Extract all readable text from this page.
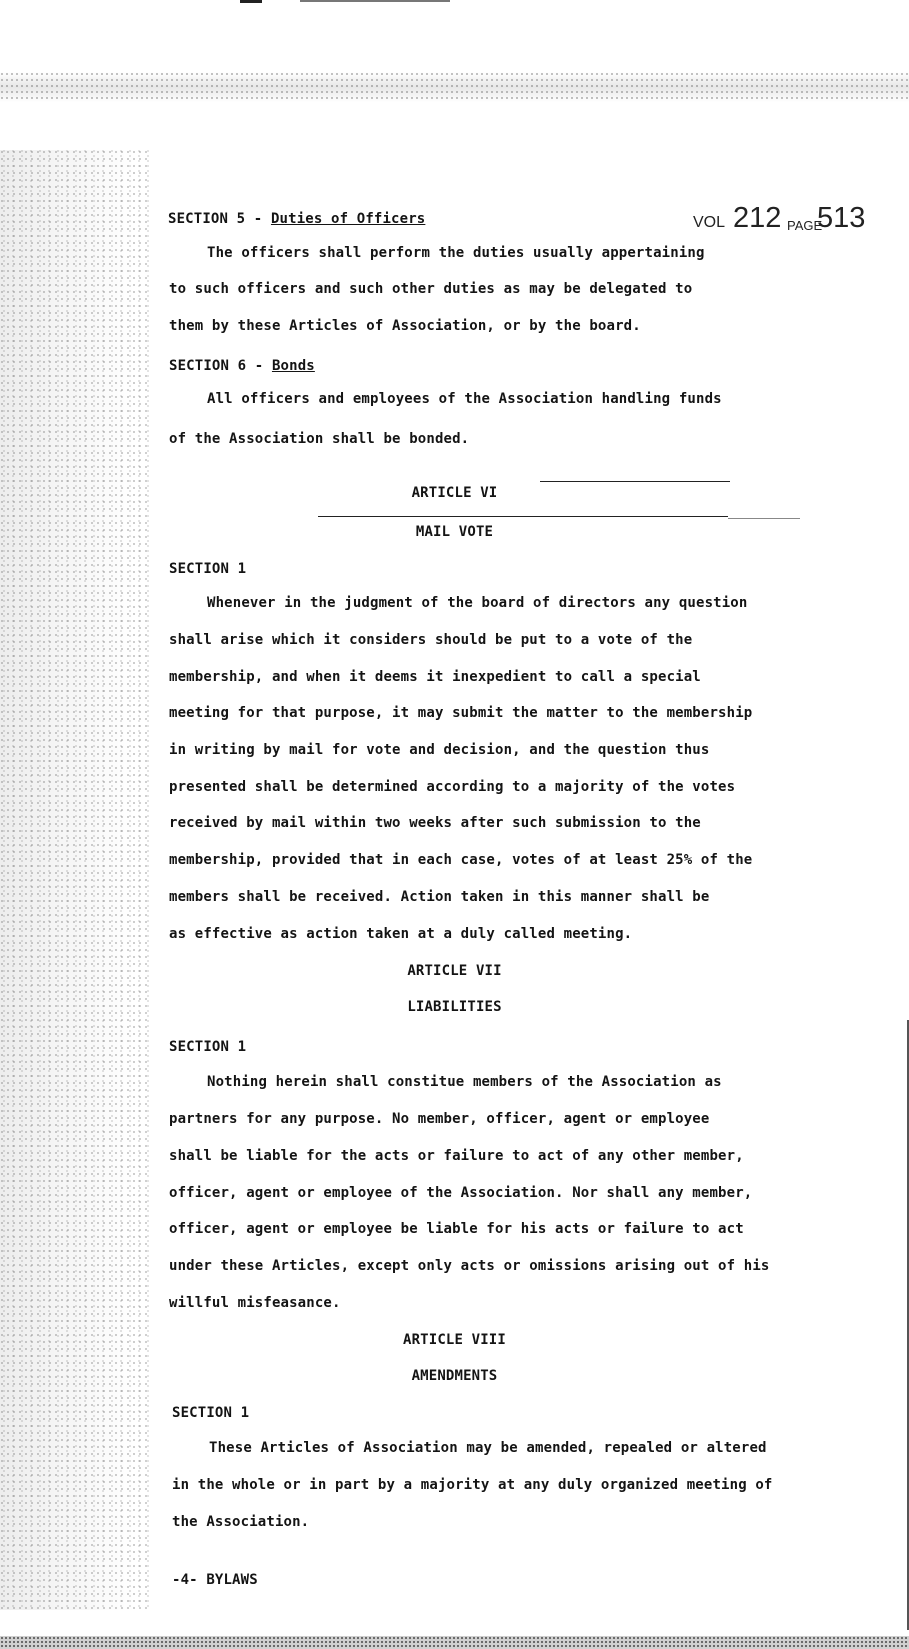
VOL 212 PAGE
513
SECTION 5 - Duties of Officers
The officers shall perform the duties usually appertaining
to such officers and such other duties as may be delegated to
them by these Articles of Association, or by the board.
SECTION 6 - Bonds
All officers and employees of the Association handling funds
of the Association shall be bonded.
ARTICLE VI
MAIL VOTE
SECTION 1
Whenever in the judgment of the board of directors any question
shall arise which it considers should be put to a vote of the
membership, and when it deems it inexpedient to call a special
meeting for that purpose, it may submit the matter to the membership
in writing by mail for vote and decision, and the question thus
presented shall be determined according to a majority of the votes
received by mail within two weeks after such submission to the
membership, provided that in each case, votes of at least 25% of the
members shall be received. Action taken in this manner shall be
as effective as action taken at a duly called meeting.
ARTICLE VII
LIABILITIES
SECTION 1
Nothing herein shall constitue members of the Association as
partners for any purpose. No member, officer, agent or employee
shall be liable for the acts or failure to act of any other member,
officer, agent or employee of the Association. Nor shall any member,
officer, agent or employee be liable for his acts or failure to act
under these Articles, except only acts or omissions arising out of his
willful misfeasance.
ARTICLE VIII
AMENDMENTS
SECTION 1
These Articles of Association may be amended, repealed or altered
in the whole or in part by a majority at any duly organized meeting of
the Association.
-4- BYLAWS
